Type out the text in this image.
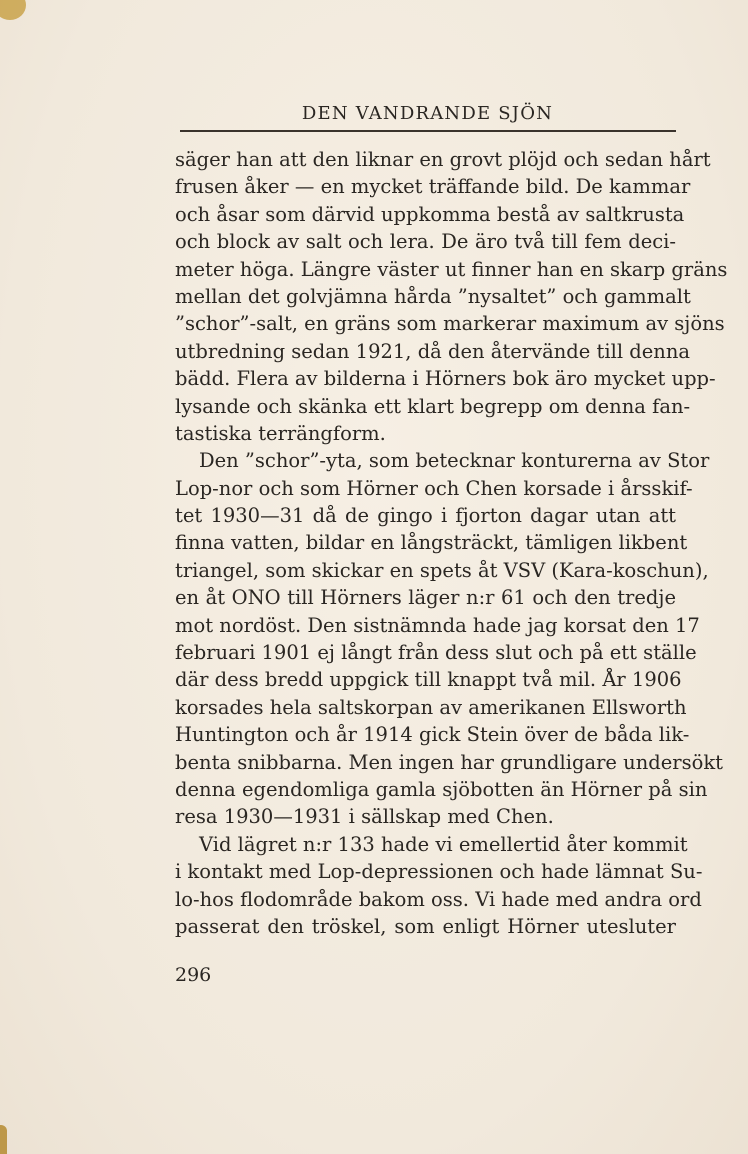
DEN VANDRANDE SJÖN
säger han att den liknar en grovt plöjd och sedan hårt
frusen åker — en mycket träffande bild. De kammar
och åsar som därvid uppkomma bestå av saltkrusta
och block av salt och lera. De äro två till fem deci-
meter höga. Längre väster ut finner han en skarp gräns
mellan det golvjämna hårda ”nysaltet” och gammalt
”schor”-salt, en gräns som markerar maximum av sjöns
utbredning sedan 1921, då den återvände till denna
bädd. Flera av bilderna i Hörners bok äro mycket upp-
lysande och skänka ett klart begrepp om denna fan-
tastiska terrängform.
Den ”schor”-yta, som betecknar konturerna av Stor
Lop-nor och som Hörner och Chen korsade i årsskif-
tet 1930—31 då de gingo i fjorton dagar utan att
finna vatten, bildar en långsträckt, tämligen likbent
triangel, som skickar en spets åt VSV (Kara-koschun),
en åt ONO till Hörners läger n:r 61 och den tredje
mot nordöst. Den sistnämnda hade jag korsat den 17
februari 1901 ej långt från dess slut och på ett ställe
där dess bredd uppgick till knappt två mil. År 1906
korsades hela saltskorpan av amerikanen Ellsworth
Huntington och år 1914 gick Stein över de båda lik-
benta snibbarna. Men ingen har grundligare undersökt
denna egendomliga gamla sjöbotten än Hörner på sin
resa 1930—1931 i sällskap med Chen.
Vid lägret n:r 133 hade vi emellertid åter kommit
i kontakt med Lop-depressionen och hade lämnat Su-
lo-hos flodområde bakom oss. Vi hade med andra ord
passerat den tröskel, som enligt Hörner utesluter
296
